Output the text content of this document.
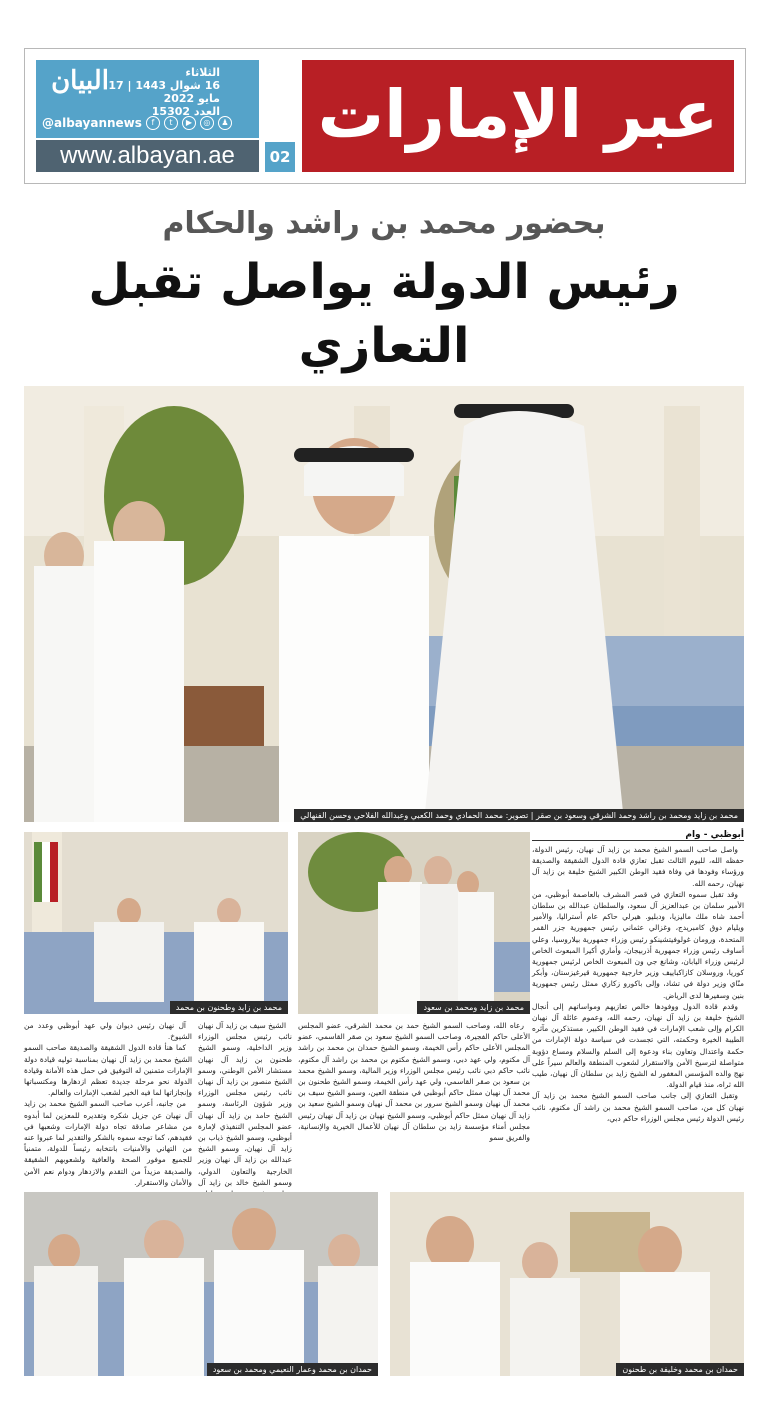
البيان	الثلاثاء
16 شوال 1443 | 17 مايو 2022
العدد 15302
@albayannews	f	t	▶	◎	♟
www.albayan.ae	02
عبر الإمارات
بحضور محمد بن راشد والحكام
رئيس الدولة يواصل تقبل التعازي
محمد بن زايد ومحمد بن راشد وحمد الشرقي وسعود بن صقر | تصوير: محمد الحمادي وحمد الكعبي وعبدالله الفلاحي وحسن الفنهالي
أبوظبي - وام

واصل صاحب السمو الشيخ محمد بن زايد آل نهيان، رئيس الدولة، حفظه الله، لليوم الثالث تقبل تعازي قادة الدول الشقيقة والصديقة ورؤساء وفودها في وفاة فقيد الوطن الكبير الشيخ خليفة بن زايد آل نهيان، رحمه الله.

وقد تقبل سموه التعازي في قصر المشرف بالعاصمة أبوظبي، من الأمير سلمان بن عبدالعزيز آل سعود، والسلطان عبدالله بن سلطان أحمد شاه ملك ماليزيا، ودبليو. هيرلي حاكم عام أستراليا، والأمير ويليام دوق كامبريدج، وغزالي عثماني رئيس جمهورية جزر القمر المتحدة، ورومان غولوفيتشينكو رئيس وزراء جمهورية بيلاروسيا، وعلي أساوف رئيس وزراء جمهورية أذربيجان، وأماري أكيرا المبعوث الخاص لرئيس وزراء اليابان، وشانغ جي ون المبعوث الخاص لرئيس جمهورية كوريا، وروسلان كازاكباييف وزير خارجية جمهورية قيرغيزستان، وأبكر منّاي وزير دولة في تشاد، وإلى باكورو زكاري ممثل رئيس جمهورية بنين وسفيرها لدى الرياض.

وقدم قادة الدول ووفودها خالص تعازيهم ومواساتهم إلى أنجال الشيخ خليفة بن زايد آل نهيان، رحمه الله، وعموم عائلة آل نهيان الكرام وإلى شعب الإمارات في فقيد الوطن الكبير، مستذكرين مآثره الطيبة الخيرة وحكمته، التي تجسدت في سياسة دولة الإمارات من حكمة واعتدال وتعاون بناء ودعوة إلى السلم والسلام ومساع دؤوبة متواصلة لترسيخ الأمن والاستقرار لشعوب المنطقة والعالم سيراً على نهج والده المؤسس المغفور له الشيخ زايد بن سلطان آل نهيان، طيب الله ثراه، منذ قيام الدولة.

وتقبل التعازي إلى جانب صاحب السمو الشيخ محمد بن زايد آل نهيان كل من، صاحب السمو الشيخ محمد بن راشد آل مكتوم، نائب رئيس الدولة رئيس مجلس الوزراء حاكم دبي،

محمد بن زايد ومحمد بن سعود
محمد بن زايد وطحنون بن محمد

رعاه الله، وصاحب السمو الشيخ حمد بن محمد الشرقي، عضو المجلس الأعلى حاكم الفجيرة، وصاحب السمو الشيخ سعود بن صقر القاسمي، عضو المجلس الأعلى حاكم رأس الخيمة، وسمو الشيخ حمدان بن محمد بن راشد آل مكتوم، ولي عهد دبي، وسمو الشيخ مكتوم بن محمد بن راشد آل مكتوم، نائب حاكم دبي نائب رئيس مجلس الوزراء وزير المالية، وسمو الشيخ محمد بن سعود بن صقر القاسمي، ولي عهد رأس الخيمة، وسمو الشيخ طحنون بن محمد آل نهيان ممثل حاكم أبوظبي في منطقة العين، وسمو الشيخ سيف بن محمد آل نهيان وسمو الشيخ سرور بن محمد آل نهيان وسمو الشيخ سعيد بن زايد آل نهيان ممثل حاكم أبوظبي، وسمو الشيخ نهيان بن زايد آل نهيان رئيس مجلس أمناء مؤسسة زايد بن سلطان آل نهيان للأعمال الخيرية والإنسانية، والفريق سمو

الشيخ سيف بن زايد آل نهيان نائب رئيس مجلس الوزراء وزير الداخلية، وسمو الشيخ طحنون بن زايد آل نهيان مستشار الأمن الوطني، وسمو الشيخ منصور بن زايد آل نهيان نائب رئيس مجلس الوزراء وزير شؤون الرئاسة، وسمو الشيخ حامد بن زايد آل نهيان عضو المجلس التنفيذي لإمارة أبوظبي، وسمو الشيخ ذياب بن زايد آل نهيان، وسمو الشيخ عبدالله بن زايد آل نهيان وزير الخارجية والتعاون الدولي، وسمو الشيخ خالد بن زايد آل

آل نهيان رئيس ديوان ولي عهد أبوظبي وعدد من الشيوخ.

كما هنأ قادة الدول الشقيقة والصديقة صاحب السمو الشيخ محمد بن زايد آل نهيان بمناسبة توليه قيادة دولة الإمارات متمنين له التوفيق في حمل هذه الأمانة وقيادة الدولة نحو مرحلة جديدة تعظم ازدهارها ومكتسباتها وإنجازاتها لما فيه الخير لشعب الإمارات والعالم.

من جانبه، أعرب صاحب السمو الشيخ محمد بن زايد آل نهيان عن جزيل شكره وتقديره للمعزين لما أبدوه من مشاعر صادقة تجاه دولة الإمارات وشعبها في فقيدهم، كما توجه سموه بالشكر والتقدير لما عبروا عنه من التهاني والأمنيات بانتخابه رئيساً للدولة، متمنياً للجميع موفور الصحة والعافية ولشعوبهم الشقيقة والصديقة مزيداً من التقدم والازدهار ودوام نعم الأمن والأمان والاستقرار.

حمدان بن محمد وخليفة بن طحنون
حمدان بن محمد وعمار النعيمي ومحمد بن سعود
